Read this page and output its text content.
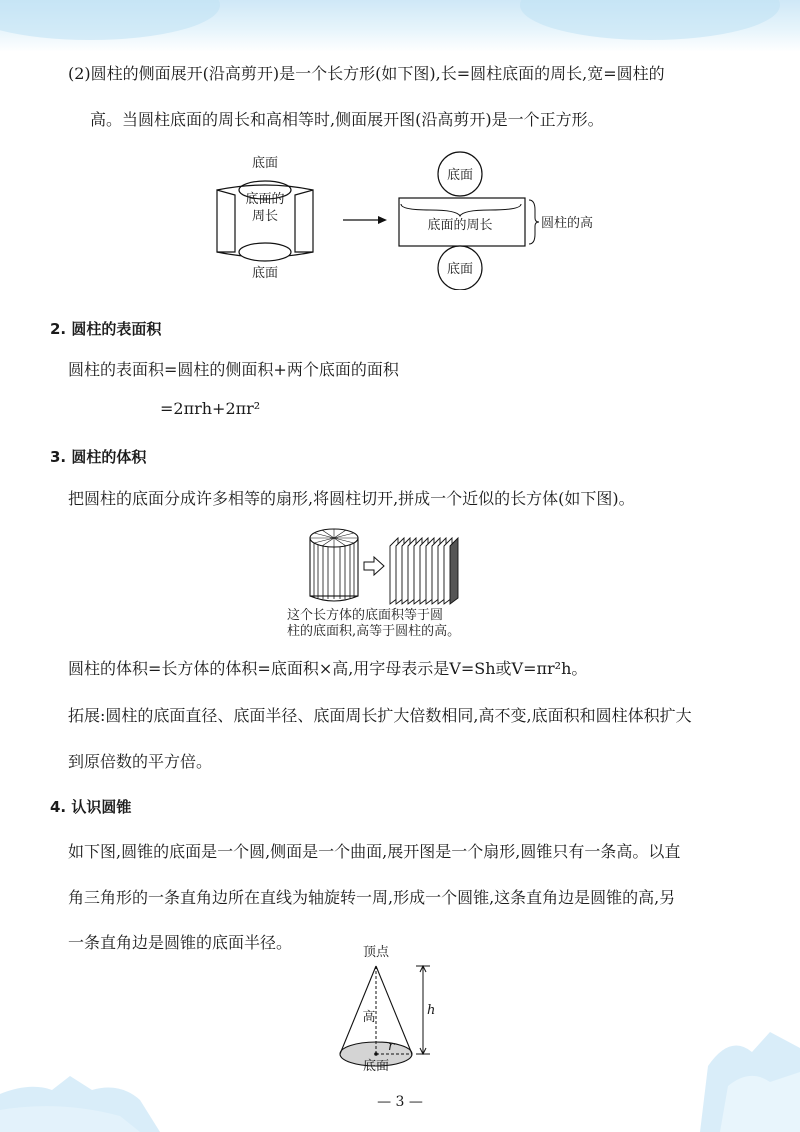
(2)圆柱的侧面展开(沿高剪开)是一个长方形(如下图),长=圆柱底面的周长,宽=圆柱的

高。当圆柱底面的周长和高相等时,侧面展开图(沿高剪开)是一个正方形。

底面
底面的
周长
底面
底面
底面的周长	圆柱的高
底面

2. 圆柱的表面积

圆柱的表面积=圆柱的侧面积+两个底面的面积

=2πrh+2πr²

3. 圆柱的体积

把圆柱的底面分成许多相等的扇形,将圆柱切开,拼成一个近似的长方体(如下图)。

这个长方体的底面积等于圆

柱的底面积,高等于圆柱的高。

圆柱的体积=长方体的体积=底面积×高,用字母表示是V=Sh或V=πr²h。

拓展:圆柱的底面直径、底面半径、底面周长扩大倍数相同,高不变,底面积和圆柱体积扩大

到原倍数的平方倍。

4. 认识圆锥

如下图,圆锥的底面是一个圆,侧面是一个曲面,展开图是一个扇形,圆锥只有一条高。以直

角三角形的一条直角边所在直线为轴旋转一周,形成一个圆锥,这条直角边是圆锥的高,另

一条直角边是圆锥的底面半径。

顶点
高
r
底面
h
— 3 —
